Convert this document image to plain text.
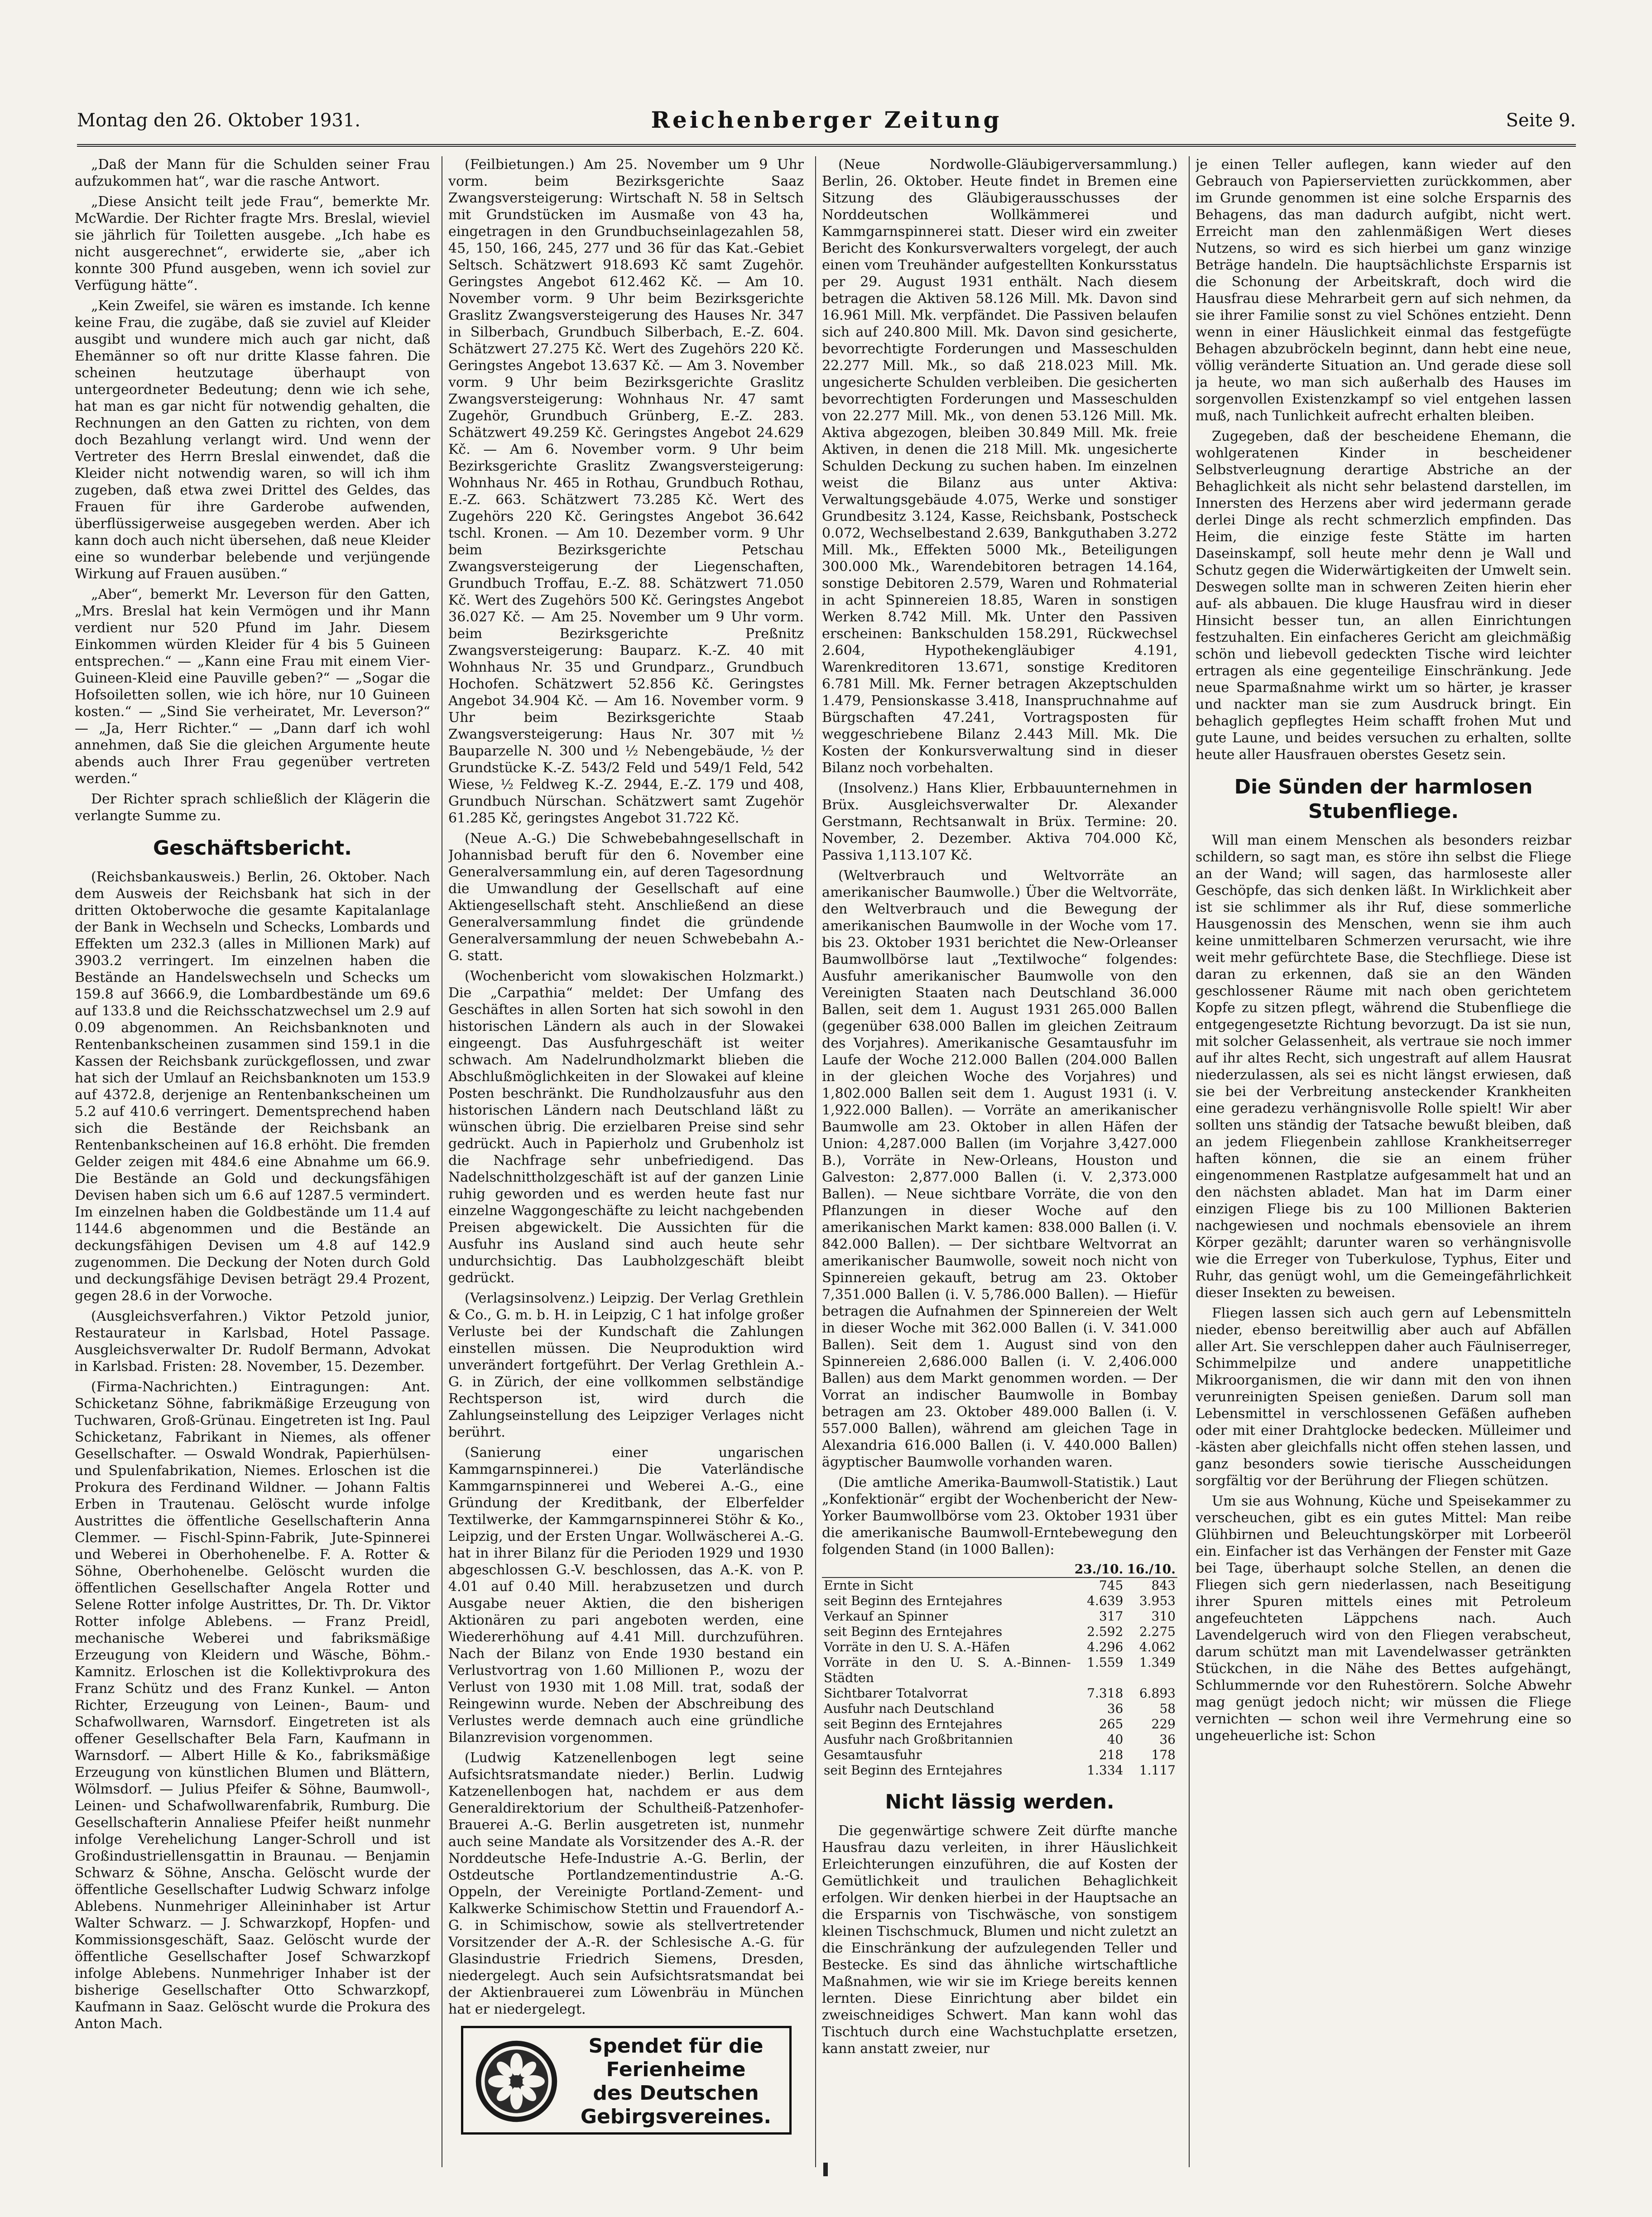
Montag den 26. Oktober 1931.	Reichenberger Zeitung	Seite 9.

„Daß der Mann für die Schulden seiner Frau aufzukommen hat“, war die rasche Antwort.

„Diese Ansicht teilt jede Frau“, bemerkte Mr. McWardie. Der Richter fragte Mrs. Breslal, wieviel sie jährlich für Toiletten ausgebe. „Ich habe es nicht ausgerechnet“, erwiderte sie, „aber ich konnte 300 Pfund ausgeben, wenn ich soviel zur Verfügung hätte“.

„Kein Zweifel, sie wären es imstande. Ich kenne keine Frau, die zugäbe, daß sie zuviel auf Kleider ausgibt und wundere mich auch gar nicht, daß Ehemänner so oft nur dritte Klasse fahren. Die scheinen heutzutage überhaupt von untergeordneter Bedeutung; denn wie ich sehe, hat man es gar nicht für notwendig gehalten, die Rechnungen an den Gatten zu richten, von dem doch Bezahlung verlangt wird. Und wenn der Vertreter des Herrn Breslal einwendet, daß die Kleider nicht notwendig waren, so will ich ihm zugeben, daß etwa zwei Drittel des Geldes, das Frauen für ihre Garderobe aufwenden, überflüssigerweise ausgegeben werden. Aber ich kann doch auch nicht übersehen, daß neue Kleider eine so wunderbar belebende und verjüngende Wirkung auf Frauen ausüben.“

„Aber“, bemerkt Mr. Leverson für den Gatten, „Mrs. Breslal hat kein Vermögen und ihr Mann verdient nur 520 Pfund im Jahr. Diesem Einkommen würden Kleider für 4 bis 5 Guineen entsprechen.“ — „Kann eine Frau mit einem Vier-Guineen-Kleid eine Pauville geben?“ — „Sogar die Hofsoiletten sollen, wie ich höre, nur 10 Guineen kosten.“ — „Sind Sie verheiratet, Mr. Leverson?“ — „Ja, Herr Richter.“ — „Dann darf ich wohl annehmen, daß Sie die gleichen Argumente heute abends auch Ihrer Frau gegenüber vertreten werden.“

Der Richter sprach schließlich der Klägerin die verlangte Summe zu.

Geschäftsbericht.

(Reichsbankausweis.) Berlin, 26. Oktober. Nach dem Ausweis der Reichsbank hat sich in der dritten Oktoberwoche die gesamte Kapitalanlage der Bank in Wechseln und Schecks, Lombards und Effekten um 232.3 (alles in Millionen Mark) auf 3903.2 verringert. Im einzelnen haben die Bestände an Handelswechseln und Schecks um 159.8 auf 3666.9, die Lombardbestände um 69.6 auf 133.8 und die Reichsschatzwechsel um 2.9 auf 0.09 abgenommen. An Reichsbanknoten und Rentenbankscheinen zusammen sind 159.1 in die Kassen der Reichsbank zurückgeflossen, und zwar hat sich der Umlauf an Reichsbanknoten um 153.9 auf 4372.8, derjenige an Rentenbankscheinen um 5.2 auf 410.6 verringert. Dementsprechend haben sich die Bestände der Reichsbank an Rentenbankscheinen auf 16.8 erhöht. Die fremden Gelder zeigen mit 484.6 eine Abnahme um 66.9. Die Bestände an Gold und deckungsfähigen Devisen haben sich um 6.6 auf 1287.5 vermindert. Im einzelnen haben die Goldbestände um 11.4 auf 1144.6 abgenommen und die Bestände an deckungsfähigen Devisen um 4.8 auf 142.9 zugenommen. Die Deckung der Noten durch Gold und deckungsfähige Devisen beträgt 29.4 Prozent, gegen 28.6 in der Vorwoche.

(Ausgleichsverfahren.) Viktor Petzold junior, Restaurateur in Karlsbad, Hotel Passage. Ausgleichsverwalter Dr. Rudolf Bermann, Advokat in Karlsbad. Fristen: 28. November, 15. Dezember.

(Firma-Nachrichten.) Eintragungen: Ant. Schicketanz Söhne, fabrikmäßige Erzeugung von Tuchwaren, Groß-Grünau. Eingetreten ist Ing. Paul Schicketanz, Fabrikant in Niemes, als offener Gesellschafter. — Oswald Wondrak, Papierhülsen- und Spulenfabrikation, Niemes. Erloschen ist die Prokura des Ferdinand Wildner. — Johann Faltis Erben in Trautenau. Gelöscht wurde infolge Austrittes die öffentliche Gesellschafterin Anna Clemmer. — Fischl-Spinn-Fabrik, Jute-Spinnerei und Weberei in Oberhohenelbe. F. A. Rotter & Söhne, Oberhohenelbe. Gelöscht wurden die öffentlichen Gesellschafter Angela Rotter und Selene Rotter infolge Austrittes, Dr. Th. Dr. Viktor Rotter infolge Ablebens. — Franz Preidl, mechanische Weberei und fabriksmäßige Erzeugung von Kleidern und Wäsche, Böhm.-Kamnitz. Erloschen ist die Kollektivprokura des Franz Schütz und des Franz Kunkel. — Anton Richter, Erzeugung von Leinen-, Baum- und Schafwollwaren, Warnsdorf. Eingetreten ist als offener Gesellschafter Bela Farn, Kaufmann in Warnsdorf. — Albert Hille & Ko., fabriksmäßige Erzeugung von künstlichen Blumen und Blättern, Wölmsdorf. — Julius Pfeifer & Söhne, Baumwoll-, Leinen- und Schafwollwarenfabrik, Rumburg. Die Gesellschafterin Annaliese Pfeifer heißt nunmehr infolge Verehelichung Langer-Schroll und ist Großindustriellensgattin in Braunau. — Benjamin Schwarz & Söhne, Anscha. Gelöscht wurde der öffentliche Gesellschafter Ludwig Schwarz infolge Ablebens. Nunmehriger Alleininhaber ist Artur Walter Schwarz. — J. Schwarzkopf, Hopfen- und Kommissionsgeschäft, Saaz. Gelöscht wurde der öffentliche Gesellschafter Josef Schwarzkopf infolge Ablebens. Nunmehriger Inhaber ist der bisherige Gesellschafter Otto Schwarzkopf, Kaufmann in Saaz. Gelöscht wurde die Prokura des Anton Mach.

(Feilbietungen.) Am 25. November um 9 Uhr vorm. beim Bezirksgerichte Saaz Zwangsversteigerung: Wirtschaft N. 58 in Seltsch mit Grundstücken im Ausmaße von 43 ha, eingetragen in den Grundbuchseinlagezahlen 58, 45, 150, 166, 245, 277 und 36 für das Kat.-Gebiet Seltsch. Schätzwert 918.693 Kč samt Zugehör. Geringstes Angebot 612.462 Kč. — Am 10. November vorm. 9 Uhr beim Bezirksgerichte Graslitz Zwangsversteigerung des Hauses Nr. 347 in Silberbach, Grundbuch Silberbach, E.-Z. 604. Schätzwert 27.275 Kč. Wert des Zugehörs 220 Kč. Geringstes Angebot 13.637 Kč. — Am 3. November vorm. 9 Uhr beim Bezirksgerichte Graslitz Zwangsversteigerung: Wohnhaus Nr. 47 samt Zugehör, Grundbuch Grünberg, E.-Z. 283. Schätzwert 49.259 Kč. Geringstes Angebot 24.629 Kč. — Am 6. November vorm. 9 Uhr beim Bezirksgerichte Graslitz Zwangsversteigerung: Wohnhaus Nr. 465 in Rothau, Grundbuch Rothau, E.-Z. 663. Schätzwert 73.285 Kč. Wert des Zugehörs 220 Kč. Geringstes Angebot 36.642 tschl. Kronen. — Am 10. Dezember vorm. 9 Uhr beim Bezirksgerichte Petschau Zwangsversteigerung der Liegenschaften, Grundbuch Troffau, E.-Z. 88. Schätzwert 71.050 Kč. Wert des Zugehörs 500 Kč. Geringstes Angebot 36.027 Kč. — Am 25. November um 9 Uhr vorm. beim Bezirksgerichte Preßnitz Zwangsversteigerung: Bauparz. K.-Z. 40 mit Wohnhaus Nr. 35 und Grundparz., Grundbuch Hochofen. Schätzwert 52.856 Kč. Geringstes Angebot 34.904 Kč. — Am 16. November vorm. 9 Uhr beim Bezirksgerichte Staab Zwangsversteigerung: Haus Nr. 307 mit ½ Bauparzelle N. 300 und ½ Nebengebäude, ½ der Grundstücke K.-Z. 543/2 Feld und 549/1 Feld, 542 Wiese, ½ Feldweg K.-Z. 2944, E.-Z. 179 und 408, Grundbuch Nürschan. Schätzwert samt Zugehör 61.285 Kč, geringstes Angebot 31.722 Kč.

(Neue A.-G.) Die Schwebebahngesellschaft in Johannisbad beruft für den 6. November eine Generalversammlung ein, auf deren Tagesordnung die Umwandlung der Gesellschaft auf eine Aktiengesellschaft steht. Anschließend an diese Generalversammlung findet die gründende Generalversammlung der neuen Schwebebahn A.-G. statt.

(Wochenbericht vom slowakischen Holzmarkt.) Die „Carpathia“ meldet: Der Umfang des Geschäftes in allen Sorten hat sich sowohl in den historischen Ländern als auch in der Slowakei eingeengt. Das Ausfuhrgeschäft ist weiter schwach. Am Nadelrundholzmarkt blieben die Abschlußmöglichkeiten in der Slowakei auf kleine Posten beschränkt. Die Rundholzausfuhr aus den historischen Ländern nach Deutschland läßt zu wünschen übrig. Die erzielbaren Preise sind sehr gedrückt. Auch in Papierholz und Grubenholz ist die Nachfrage sehr unbefriedigend. Das Nadelschnittholzgeschäft ist auf der ganzen Linie ruhig geworden und es werden heute fast nur einzelne Waggongeschäfte zu leicht nachgebenden Preisen abgewickelt. Die Aussichten für die Ausfuhr ins Ausland sind auch heute sehr undurchsichtig. Das Laubholzgeschäft bleibt gedrückt.

(Verlagsinsolvenz.) Leipzig. Der Verlag Grethlein & Co., G. m. b. H. in Leipzig, C 1 hat infolge großer Verluste bei der Kundschaft die Zahlungen einstellen müssen. Die Neuproduktion wird unverändert fortgeführt. Der Verlag Grethlein A.-G. in Zürich, der eine vollkommen selbständige Rechtsperson ist, wird durch die Zahlungseinstellung des Leipziger Verlages nicht berührt.

(Sanierung einer ungarischen Kammgarnspinnerei.) Die Vaterländische Kammgarnspinnerei und Weberei A.-G., eine Gründung der Kreditbank, der Elberfelder Textilwerke, der Kammgarnspinnerei Stöhr & Ko., Leipzig, und der Ersten Ungar. Wollwäscherei A.-G. hat in ihrer Bilanz für die Perioden 1929 und 1930 abgeschlossen G.-V. beschlossen, das A.-K. von P. 4.01 auf 0.40 Mill. herabzusetzen und durch Ausgabe neuer Aktien, die den bisherigen Aktionären zu pari angeboten werden, eine Wiedererhöhung auf 4.41 Mill. durchzuführen. Nach der Bilanz von Ende 1930 bestand ein Verlustvortrag von 1.60 Millionen P., wozu der Verlust von 1930 mit 1.08 Mill. trat, sodaß der Reingewinn wurde. Neben der Abschreibung des Verlustes werde demnach auch eine gründliche Bilanzrevision vorgenommen.

(Ludwig Katzenellenbogen legt seine Aufsichtsratsmandate nieder.) Berlin. Ludwig Katzenellenbogen hat, nachdem er aus dem Generaldirektorium der Schultheiß-Patzenhofer-Brauerei A.-G. Berlin ausgetreten ist, nunmehr auch seine Mandate als Vorsitzender des A.-R. der Norddeutsche Hefe-Industrie A.-G. Berlin, der Ostdeutsche Portlandzementindustrie A.-G. Oppeln, der Vereinigte Portland-Zement- und Kalkwerke Schimischow Stettin und Frauendorf A.-G. in Schimischow, sowie als stellvertretender Vorsitzender der A.-R. der Schlesische A.-G. für Glasindustrie Friedrich Siemens, Dresden, niedergelegt. Auch sein Aufsichtsratsmandat bei der Aktienbrauerei zum Löwenbräu in München hat er niedergelegt.

Spendet für die
Ferienheime
des Deutschen
Gebirgsvereines.

(Neue Nordwolle-Gläubigerversammlung.) Berlin, 26. Oktober. Heute findet in Bremen eine Sitzung des Gläubigerausschusses der Norddeutschen Wollkämmerei und Kammgarnspinnerei statt. Dieser wird ein zweiter Bericht des Konkursverwalters vorgelegt, der auch einen vom Treuhänder aufgestellten Konkursstatus per 29. August 1931 enthält. Nach diesem betragen die Aktiven 58.126 Mill. Mk. Davon sind 16.961 Mill. Mk. verpfändet. Die Passiven belaufen sich auf 240.800 Mill. Mk. Davon sind gesicherte, bevorrechtigte Forderungen und Masseschulden 22.277 Mill. Mk., so daß 218.023 Mill. Mk. ungesicherte Schulden verbleiben. Die gesicherten bevorrechtigten Forderungen und Masseschulden von 22.277 Mill. Mk., von denen 53.126 Mill. Mk. Aktiva abgezogen, bleiben 30.849 Mill. Mk. freie Aktiven, in denen die 218 Mill. Mk. ungesicherte Schulden Deckung zu suchen haben. Im einzelnen weist die Bilanz aus unter Aktiva: Verwaltungsgebäude 4.075, Werke und sonstiger Grundbesitz 3.124, Kasse, Reichsbank, Postscheck 0.072, Wechselbestand 2.639, Bankguthaben 3.272 Mill. Mk., Effekten 5000 Mk., Beteiligungen 300.000 Mk., Warendebitoren betragen 14.164, sonstige Debitoren 2.579, Waren und Rohmaterial in acht Spinnereien 18.85, Waren in sonstigen Werken 8.742 Mill. Mk. Unter den Passiven erscheinen: Bankschulden 158.291, Rückwechsel 2.604, Hypothekengläubiger 4.191, Warenkreditoren 13.671, sonstige Kreditoren 6.781 Mill. Mk. Ferner betragen Akzeptschulden 1.479, Pensionskasse 3.418, Inanspruchnahme auf Bürgschaften 47.241, Vortragsposten für weggeschriebene Bilanz 2.443 Mill. Mk. Die Kosten der Konkursverwaltung sind in dieser Bilanz noch vorbehalten.

(Insolvenz.) Hans Klier, Erbbauunternehmen in Brüx. Ausgleichsverwalter Dr. Alexander Gerstmann, Rechtsanwalt in Brüx. Termine: 20. November, 2. Dezember. Aktiva 704.000 Kč, Passiva 1,113.107 Kč.

(Weltverbrauch und Weltvorräte an amerikanischer Baumwolle.) Über die Weltvorräte, den Weltverbrauch und die Bewegung der amerikanischen Baumwolle in der Woche vom 17. bis 23. Oktober 1931 berichtet die New-Orleanser Baumwollbörse laut „Textilwoche“ folgendes: Ausfuhr amerikanischer Baumwolle von den Vereinigten Staaten nach Deutschland 36.000 Ballen, seit dem 1. August 1931 265.000 Ballen (gegenüber 638.000 Ballen im gleichen Zeitraum des Vorjahres). Amerikanische Gesamtausfuhr im Laufe der Woche 212.000 Ballen (204.000 Ballen in der gleichen Woche des Vorjahres) und 1,802.000 Ballen seit dem 1. August 1931 (i. V. 1,922.000 Ballen). — Vorräte an amerikanischer Baumwolle am 23. Oktober in allen Häfen der Union: 4,287.000 Ballen (im Vorjahre 3,427.000 B.), Vorräte in New-Orleans, Houston und Galveston: 2,877.000 Ballen (i. V. 2,373.000 Ballen). — Neue sichtbare Vorräte, die von den Pflanzungen in dieser Woche auf den amerikanischen Markt kamen: 838.000 Ballen (i. V. 842.000 Ballen). — Der sichtbare Weltvorrat an amerikanischer Baumwolle, soweit noch nicht von Spinnereien gekauft, betrug am 23. Oktober 7,351.000 Ballen (i. V. 5,786.000 Ballen). — Hiefür betragen die Aufnahmen der Spinnereien der Welt in dieser Woche mit 362.000 Ballen (i. V. 341.000 Ballen). Seit dem 1. August sind von den Spinnereien 2,686.000 Ballen (i. V. 2,406.000 Ballen) aus dem Markt genommen worden. — Der Vorrat an indischer Baumwolle in Bombay betragen am 23. Oktober 489.000 Ballen (i. V. 557.000 Ballen), während am gleichen Tage in Alexandria 616.000 Ballen (i. V. 440.000 Ballen) ägyptischer Baumwolle vorhanden waren.

(Die amtliche Amerika-Baumwoll-Statistik.) Laut „Konfektionär“ ergibt der Wochenbericht der New-Yorker Baumwollbörse vom 23. Oktober 1931 über die amerikanische Baumwoll-Erntebewegung den folgenden Stand (in 1000 Ballen):

	23./10.	16./10.
Ernte in Sicht	745	843
seit Beginn des Erntejahres	4.639	3.953
Verkauf an Spinner	317	310
seit Beginn des Erntejahres	2.592	2.275
Vorräte in den U. S. A.-Häfen	4.296	4.062
Vorräte in den U. S. A.-Binnen-Städten	1.559	1.349
Sichtbarer Totalvorrat	7.318	6.893
Ausfuhr nach Deutschland	36	58
seit Beginn des Erntejahres	265	229
Ausfuhr nach Großbritannien	40	36
Gesamtausfuhr	218	178
seit Beginn des Erntejahres	1.334	1.117
Nicht lässig werden.

Die gegenwärtige schwere Zeit dürfte manche Hausfrau dazu verleiten, in ihrer Häuslichkeit Erleichterungen einzuführen, die auf Kosten der Gemütlichkeit und traulichen Behaglichkeit erfolgen. Wir denken hierbei in der Hauptsache an die Ersparnis von Tischwäsche, von sonstigem kleinen Tischschmuck, Blumen und nicht zuletzt an die Einschränkung der aufzulegenden Teller und Bestecke. Es sind das ähnliche wirtschaftliche Maßnahmen, wie wir sie im Kriege bereits kennen lernten. Diese Einrichtung aber bildet ein zweischneidiges Schwert. Man kann wohl das Tischtuch durch eine Wachstuchplatte ersetzen, kann anstatt zweier, nur

je einen Teller auflegen, kann wieder auf den Gebrauch von Papierservietten zurückkommen, aber im Grunde genommen ist eine solche Ersparnis des Behagens, das man dadurch aufgibt, nicht wert. Erreicht man den zahlenmäßigen Wert dieses Nutzens, so wird es sich hierbei um ganz winzige Beträge handeln. Die hauptsächlichste Ersparnis ist die Schonung der Arbeitskraft, doch wird die Hausfrau diese Mehrarbeit gern auf sich nehmen, da sie ihrer Familie sonst zu viel Schönes entzieht. Denn wenn in einer Häuslichkeit einmal das festgefügte Behagen abzubröckeln beginnt, dann hebt eine neue, völlig veränderte Situation an. Und gerade diese soll ja heute, wo man sich außerhalb des Hauses im sorgenvollen Existenzkampf so viel entgehen lassen muß, nach Tunlichkeit aufrecht erhalten bleiben.

Zugegeben, daß der bescheidene Ehemann, die wohlgeratenen Kinder in bescheidener Selbstverleugnung derartige Abstriche an der Behaglichkeit als nicht sehr belastend darstellen, im Innersten des Herzens aber wird jedermann gerade derlei Dinge als recht schmerzlich empfinden. Das Heim, die einzige feste Stätte im harten Daseinskampf, soll heute mehr denn je Wall und Schutz gegen die Widerwärtigkeiten der Umwelt sein. Deswegen sollte man in schweren Zeiten hierin eher auf- als abbauen. Die kluge Hausfrau wird in dieser Hinsicht besser tun, an allen Einrichtungen festzuhalten. Ein einfacheres Gericht am gleichmäßig schön und liebevoll gedeckten Tische wird leichter ertragen als eine gegenteilige Einschränkung. Jede neue Sparmaßnahme wirkt um so härter, je krasser und nackter man sie zum Ausdruck bringt. Ein behaglich gepflegtes Heim schafft frohen Mut und gute Laune, und beides versuchen zu erhalten, sollte heute aller Hausfrauen oberstes Gesetz sein.

Die Sünden der harmlosen
Stubenfliege.

Will man einem Menschen als besonders reizbar schildern, so sagt man, es störe ihn selbst die Fliege an der Wand; will sagen, das harmloseste aller Geschöpfe, das sich denken läßt. In Wirklichkeit aber ist sie schlimmer als ihr Ruf, diese sommerliche Hausgenossin des Menschen, wenn sie ihm auch keine unmittelbaren Schmerzen verursacht, wie ihre weit mehr gefürchtete Base, die Stechfliege. Diese ist daran zu erkennen, daß sie an den Wänden geschlossener Räume mit nach oben gerichtetem Kopfe zu sitzen pflegt, während die Stubenfliege die entgegengesetzte Richtung bevorzugt. Da ist sie nun, mit solcher Gelassenheit, als vertraue sie noch immer auf ihr altes Recht, sich ungestraft auf allem Hausrat niederzulassen, als sei es nicht längst erwiesen, daß sie bei der Verbreitung ansteckender Krankheiten eine geradezu verhängnisvolle Rolle spielt! Wir aber sollten uns ständig der Tatsache bewußt bleiben, daß an jedem Fliegenbein zahllose Krankheitserreger haften können, die sie an einem früher eingenommenen Rastplatze aufgesammelt hat und an den nächsten abladet. Man hat im Darm einer einzigen Fliege bis zu 100 Millionen Bakterien nachgewiesen und nochmals ebensoviele an ihrem Körper gezählt; darunter waren so verhängnisvolle wie die Erreger von Tuberkulose, Typhus, Eiter und Ruhr, das genügt wohl, um die Gemeingefährlichkeit dieser Insekten zu beweisen.

Fliegen lassen sich auch gern auf Lebensmitteln nieder, ebenso bereitwillig aber auch auf Abfällen aller Art. Sie verschleppen daher auch Fäulniserreger, Schimmelpilze und andere unappetitliche Mikroorganismen, die wir dann mit den von ihnen verunreinigten Speisen genießen. Darum soll man Lebensmittel in verschlossenen Gefäßen aufheben oder mit einer Drahtglocke bedecken. Mülleimer und -kästen aber gleichfalls nicht offen stehen lassen, und ganz besonders sowie tierische Ausscheidungen sorgfältig vor der Berührung der Fliegen schützen.

Um sie aus Wohnung, Küche und Speisekammer zu verscheuchen, gibt es ein gutes Mittel: Man reibe Glühbirnen und Beleuchtungskörper mit Lorbeeröl ein. Einfacher ist das Verhängen der Fenster mit Gaze bei Tage, überhaupt solche Stellen, an denen die Fliegen sich gern niederlassen, nach Beseitigung ihrer Spuren mittels eines mit Petroleum angefeuchteten Läppchens nach. Auch Lavendelgeruch wird von den Fliegen verabscheut, darum schützt man mit Lavendelwasser getränkten Stückchen, in die Nähe des Bettes aufgehängt, Schlummernde vor den Ruhestörern. Solche Abwehr mag genügt jedoch nicht; wir müssen die Fliege vernichten — schon weil ihre Vermehrung eine so ungeheuerliche ist: Schon
